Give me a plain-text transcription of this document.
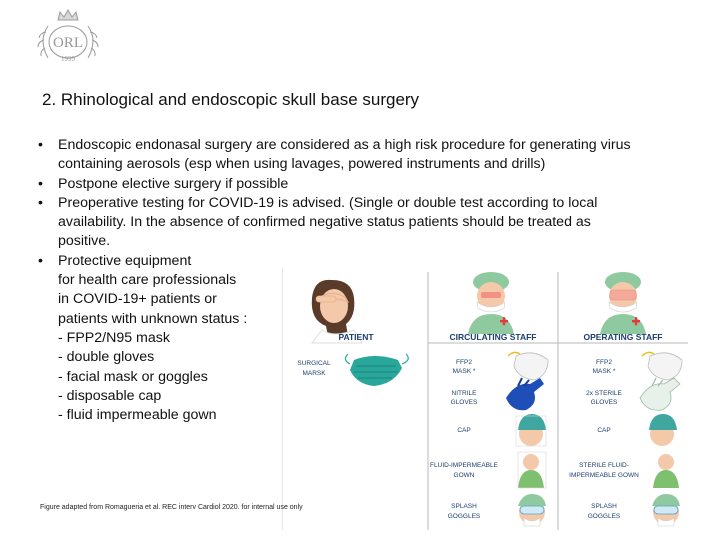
ORL
1999
2. Rhinological and endoscopic skull base surgery
• Endoscopic endonasal surgery are considered as a high risk procedure for generating virus containing aerosols (esp when using lavages, powered instruments and drills)
• Postpone elective surgery if possible
• Preoperative testing for COVID-19 is advised. (Single or double test according to local availability. In the absence of confirmed negative status patients should be treated as positive.
• Protective equipment
for health care professionals
in COVID-19+ patients or
patients with unknown status :
- FPP2/N95 mask
- double gloves
- facial mask or goggles
- disposable cap
- fluid impermeable gown
PATIENT	CIRCULATING STAFF	OPERATING STAFF
SURGICAL
MARSK
FFP2
MASK *
NITRILE
GLOVES
CAP
FLUID-IMPERMEABLE
GOWN
SPLASH
GOGGLES
FFP2
MASK *
2x STERILE
GLOVES
CAP
STERILE FLUID-
IMPERMEABLE GOWN
SPLASH
GOGGLES
Figure adapted from Romagueria et al. REC interv Cardiol 2020. for internal use only
